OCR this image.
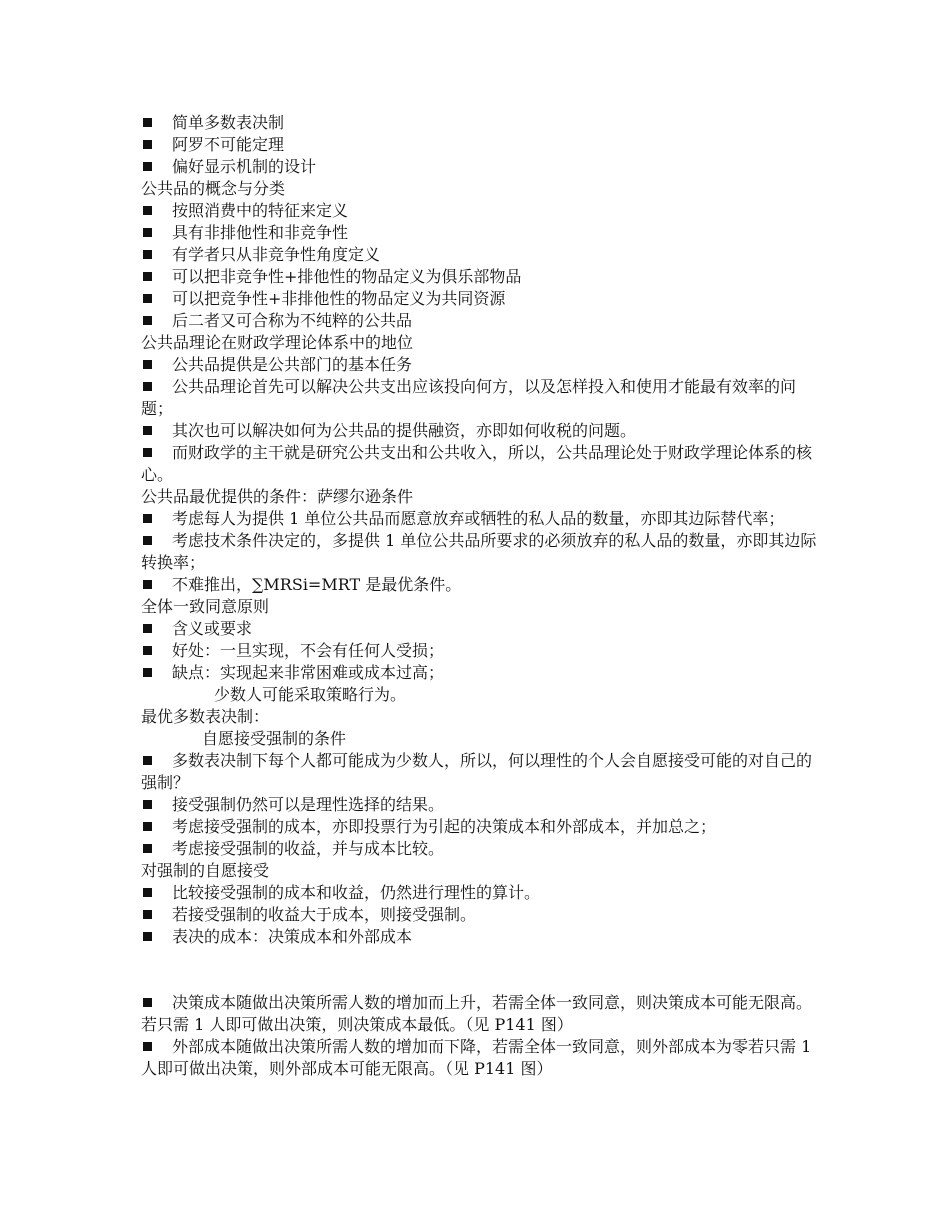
简单多数表决制
阿罗不可能定理
偏好显示机制的设计
公共品的概念与分类
按照消费中的特征来定义
具有非排他性和非竞争性
有学者只从非竞争性角度定义
可以把非竞争性+排他性的物品定义为俱乐部物品
可以把竞争性+非排他性的物品定义为共同资源
后二者又可合称为不纯粹的公共品
公共品理论在财政学理论体系中的地位
公共品提供是公共部门的基本任务
公共品理论首先可以解决公共支出应该投向何方，以及怎样投入和使用才能最有效率的问题；
其次也可以解决如何为公共品的提供融资，亦即如何收税的问题。
而财政学的主干就是研究公共支出和公共收入，所以，公共品理论处于财政学理论体系的核心。
公共品最优提供的条件：萨缪尔逊条件
考虑每人为提供 1 单位公共品而愿意放弃或牺牲的私人品的数量，亦即其边际替代率；
考虑技术条件决定的，多提供 1 单位公共品所要求的必须放弃的私人品的数量，亦即其边际转换率；
不难推出，∑MRSi=MRT 是最优条件。
全体一致同意原则
含义或要求
好处：一旦实现，不会有任何人受损；
缺点：实现起来非常困难或成本过高；
少数人可能采取策略行为。
最优多数表决制：
自愿接受强制的条件
多数表决制下每个人都可能成为少数人，所以，何以理性的个人会自愿接受可能的对自己的强制？
接受强制仍然可以是理性选择的结果。
考虑接受强制的成本，亦即投票行为引起的决策成本和外部成本，并加总之；
考虑接受强制的收益，并与成本比较。
对强制的自愿接受
比较接受强制的成本和收益，仍然进行理性的算计。
若接受强制的收益大于成本，则接受强制。
表决的成本：决策成本和外部成本
决策成本随做出决策所需人数的增加而上升，若需全体一致同意，则决策成本可能无限高。若只需 1 人即可做出决策，则决策成本最低。（见 P141 图）
外部成本随做出决策所需人数的增加而下降，若需全体一致同意，则外部成本为零若只需 1 人即可做出决策，则外部成本可能无限高。（见 P141 图）
